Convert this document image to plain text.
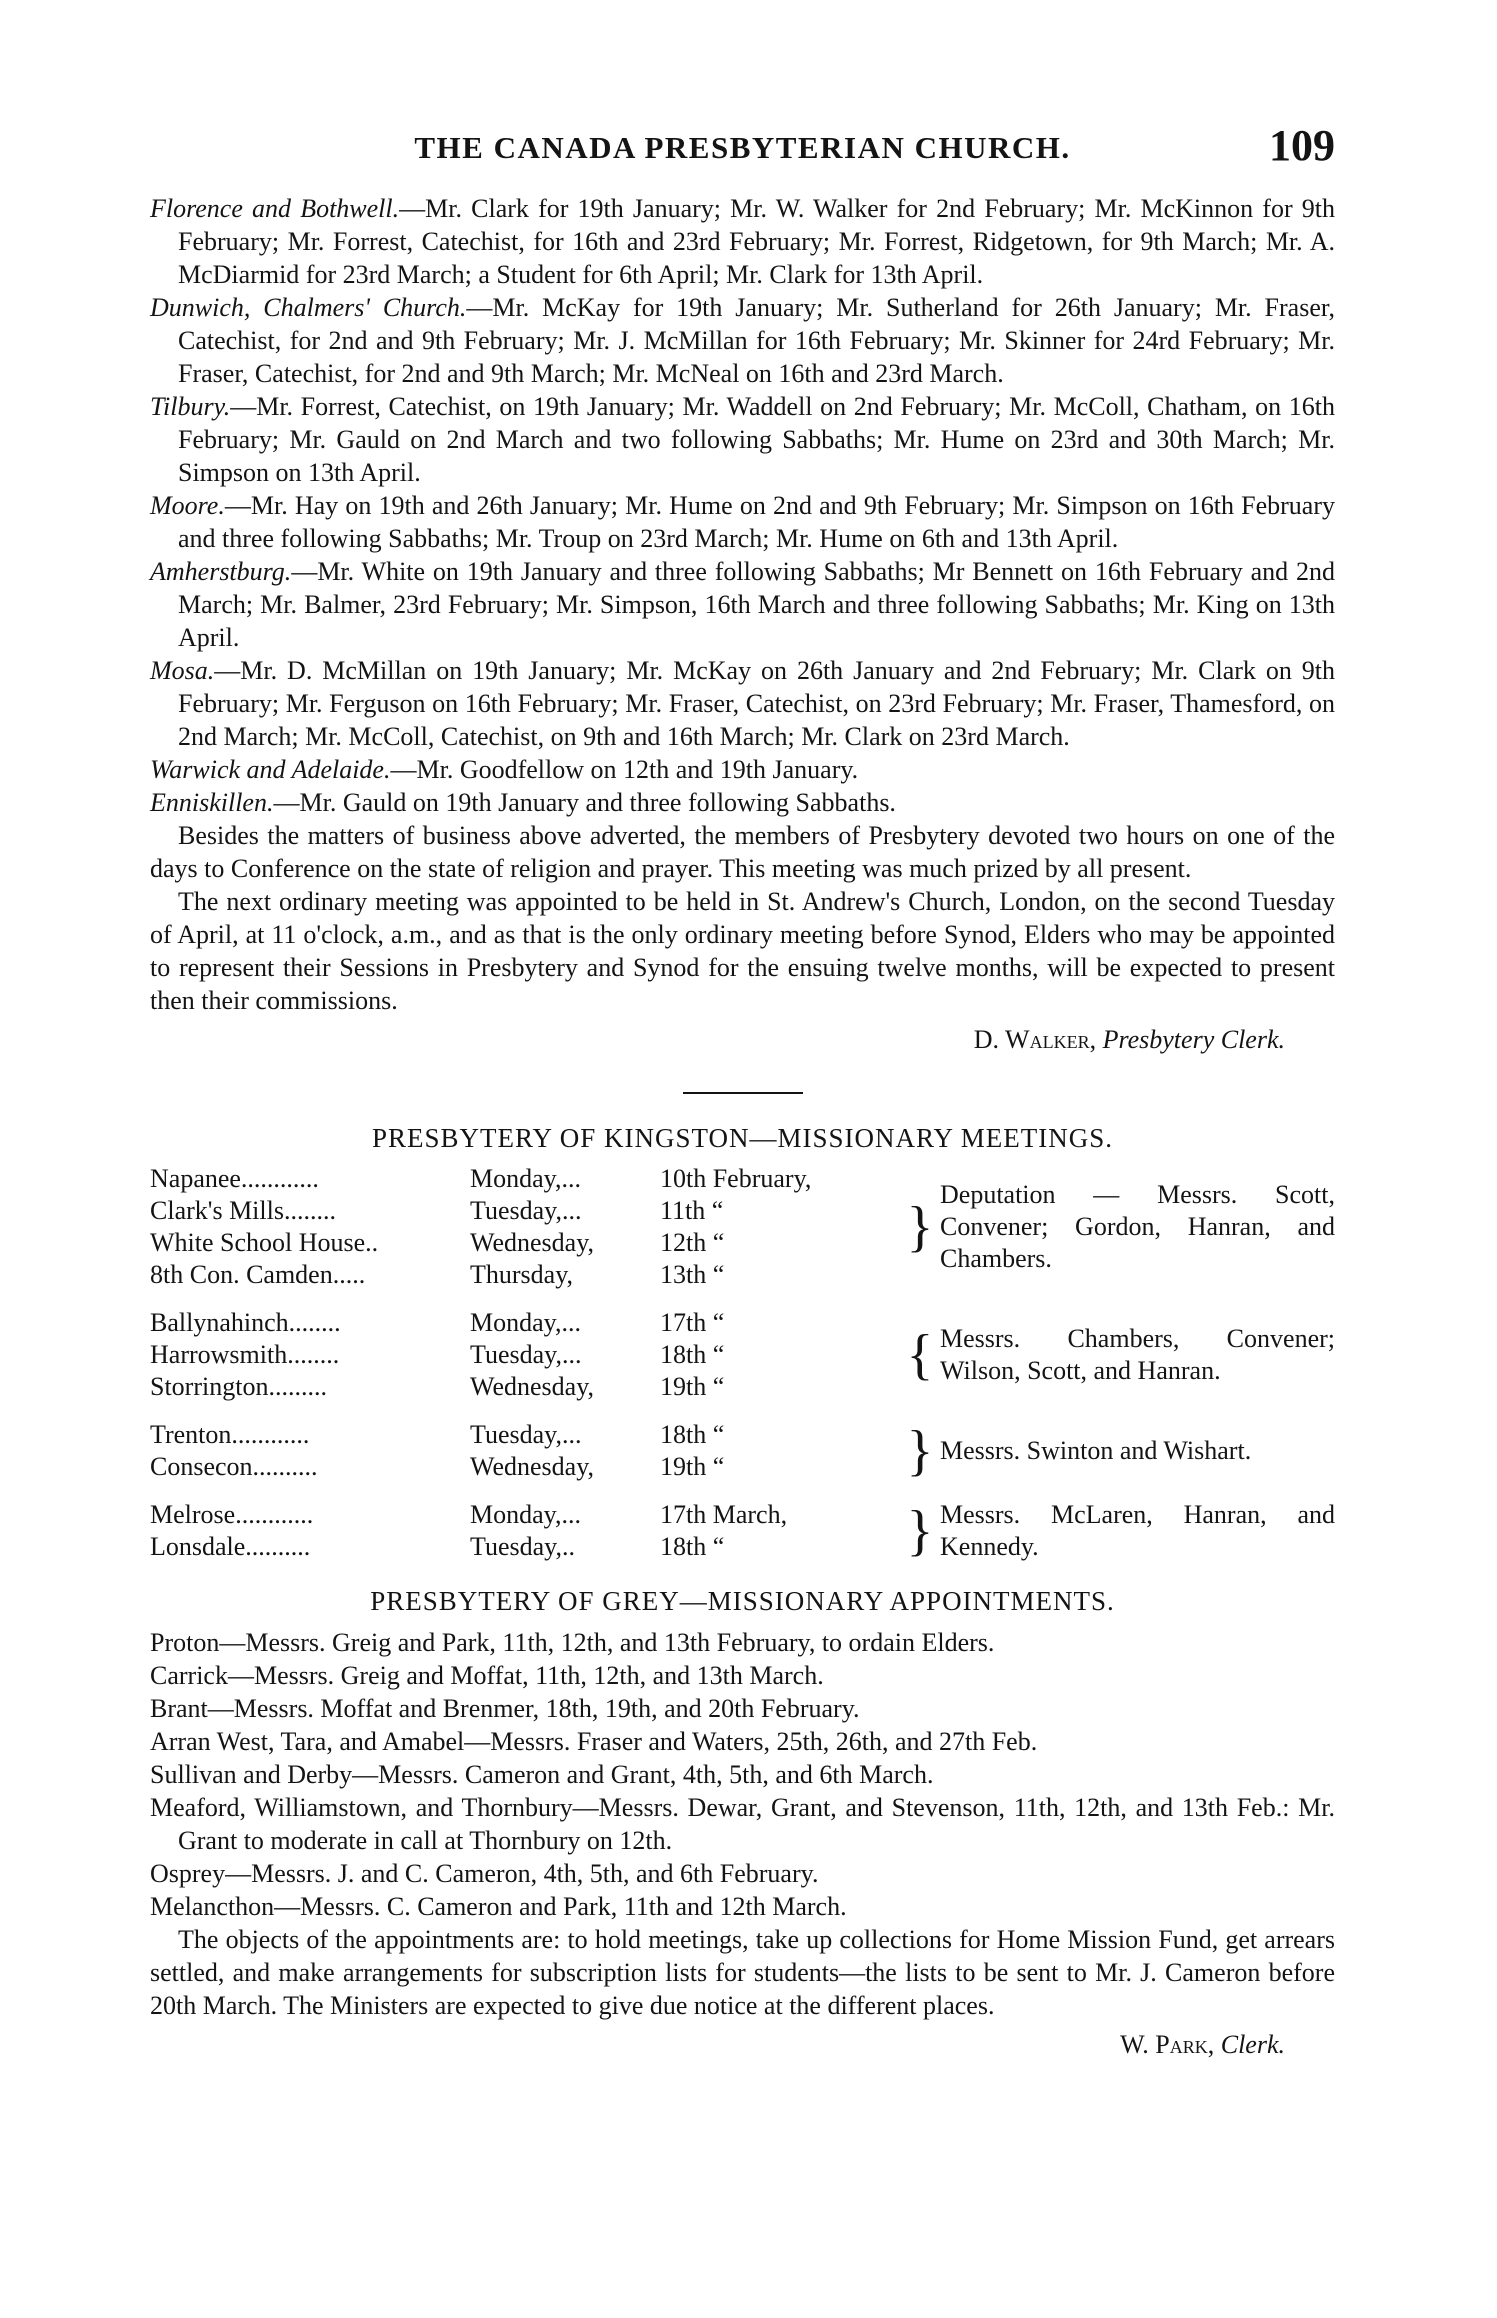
THE CANADA PRESBYTERIAN CHURCH.	109

Florence and Bothwell.—Mr. Clark for 19th January; Mr. W. Walker for 2nd February; Mr. McKinnon for 9th February; Mr. Forrest, Catechist, for 16th and 23rd February; Mr. Forrest, Ridgetown, for 9th March; Mr. A. McDiarmid for 23rd March; a Student for 6th April; Mr. Clark for 13th April.

Dunwich, Chalmers' Church.—Mr. McKay for 19th January; Mr. Sutherland for 26th January; Mr. Fraser, Catechist, for 2nd and 9th February; Mr. J. McMillan for 16th February; Mr. Skinner for 24rd February; Mr. Fraser, Catechist, for 2nd and 9th March; Mr. McNeal on 16th and 23rd March.

Tilbury.—Mr. Forrest, Catechist, on 19th January; Mr. Waddell on 2nd February; Mr. McColl, Chatham, on 16th February; Mr. Gauld on 2nd March and two following Sabbaths; Mr. Hume on 23rd and 30th March; Mr. Simpson on 13th April.

Moore.—Mr. Hay on 19th and 26th January; Mr. Hume on 2nd and 9th February; Mr. Simpson on 16th February and three following Sabbaths; Mr. Troup on 23rd March; Mr. Hume on 6th and 13th April.

Amherstburg.—Mr. White on 19th January and three following Sabbaths; Mr Bennett on 16th February and 2nd March; Mr. Balmer, 23rd February; Mr. Simpson, 16th March and three following Sabbaths; Mr. King on 13th April.

Mosa.—Mr. D. McMillan on 19th January; Mr. McKay on 26th January and 2nd February; Mr. Clark on 9th February; Mr. Ferguson on 16th February; Mr. Fraser, Catechist, on 23rd February; Mr. Fraser, Thamesford, on 2nd March; Mr. McColl, Catechist, on 9th and 16th March; Mr. Clark on 23rd March.

Warwick and Adelaide.—Mr. Goodfellow on 12th and 19th January.

Enniskillen.—Mr. Gauld on 19th January and three following Sabbaths.

Besides the matters of business above adverted, the members of Presbytery devoted two hours on one of the days to Conference on the state of religion and prayer. This meeting was much prized by all present.

The next ordinary meeting was appointed to be held in St. Andrew's Church, London, on the second Tuesday of April, at 11 o'clock, a.m., and as that is the only ordinary meeting before Synod, Elders who may be appointed to represent their Sessions in Presbytery and Synod for the ensuing twelve months, will be expected to present then their commissions.

D. Walker, Presbytery Clerk.

PRESBYTERY OF KINGSTON—MISSIONARY MEETINGS.
Napanee............	Monday,...	10th February,	}	Deputation — Messrs. Scott, Convener; Gordon, Hanran, and Chambers.
Clark's Mills........	Tuesday,...	11th “		
White School House..	Wednesday,	12th “		
8th Con. Camden.....	Thursday,	13th “		

Ballynahinch........	Monday,...	17th “	{	Messrs. Chambers, Convener; Wilson, Scott, and Hanran.
Harrowsmith........	Tuesday,...	18th “		
Storrington.........	Wednesday,	19th “		

Trenton............	Tuesday,...	18th “	}	Messrs. Swinton and Wishart.
Consecon..........	Wednesday,	19th “		

Melrose............	Monday,...	17th March,	}	Messrs. McLaren, Hanran, and Kennedy.
Lonsdale..........	Tuesday,..	18th “		
PRESBYTERY OF GREY—MISSIONARY APPOINTMENTS.

Proton—Messrs. Greig and Park, 11th, 12th, and 13th February, to ordain Elders.

Carrick—Messrs. Greig and Moffat, 11th, 12th, and 13th March.

Brant—Messrs. Moffat and Brenmer, 18th, 19th, and 20th February.

Arran West, Tara, and Amabel—Messrs. Fraser and Waters, 25th, 26th, and 27th Feb.

Sullivan and Derby—Messrs. Cameron and Grant, 4th, 5th, and 6th March.

Meaford, Williamstown, and Thornbury—Messrs. Dewar, Grant, and Stevenson, 11th, 12th, and 13th Feb.: Mr. Grant to moderate in call at Thornbury on 12th.

Osprey—Messrs. J. and C. Cameron, 4th, 5th, and 6th February.

Melancthon—Messrs. C. Cameron and Park, 11th and 12th March.

The objects of the appointments are: to hold meetings, take up collections for Home Mission Fund, get arrears settled, and make arrangements for subscription lists for students—the lists to be sent to Mr. J. Cameron before 20th March. The Ministers are expected to give due notice at the different places.

W. Park, Clerk.
